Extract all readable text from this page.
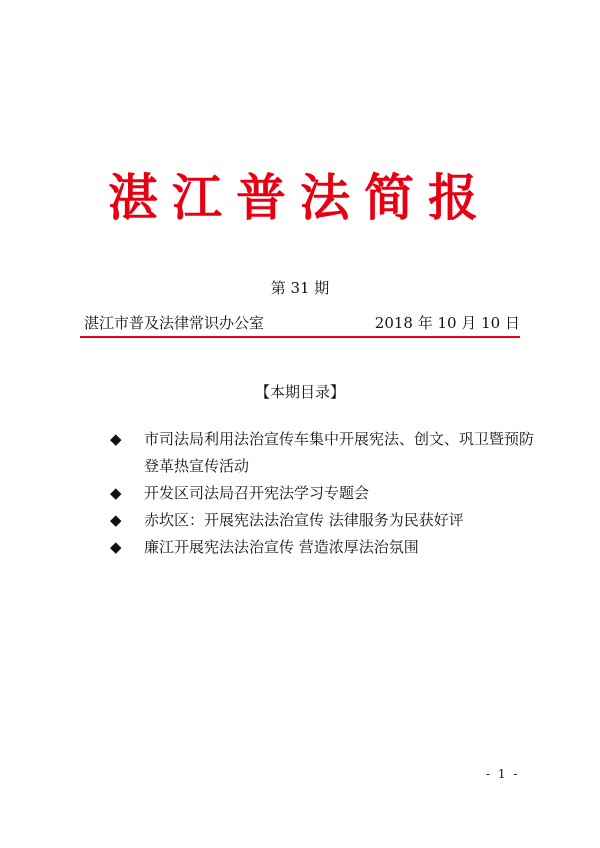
湛江普法简报
第 31 期
湛江市普及法律常识办公室	2018 年 10 月 10 日
【本期目录】
◆ 市司法局利用法治宣传车集中开展宪法、创文、巩卫暨预防登革热宣传活动
◆ 开发区司法局召开宪法学习专题会
◆ 赤坎区：开展宪法法治宣传 法律服务为民获好评
◆ 廉江开展宪法法治宣传 营造浓厚法治氛围
- 1 -
